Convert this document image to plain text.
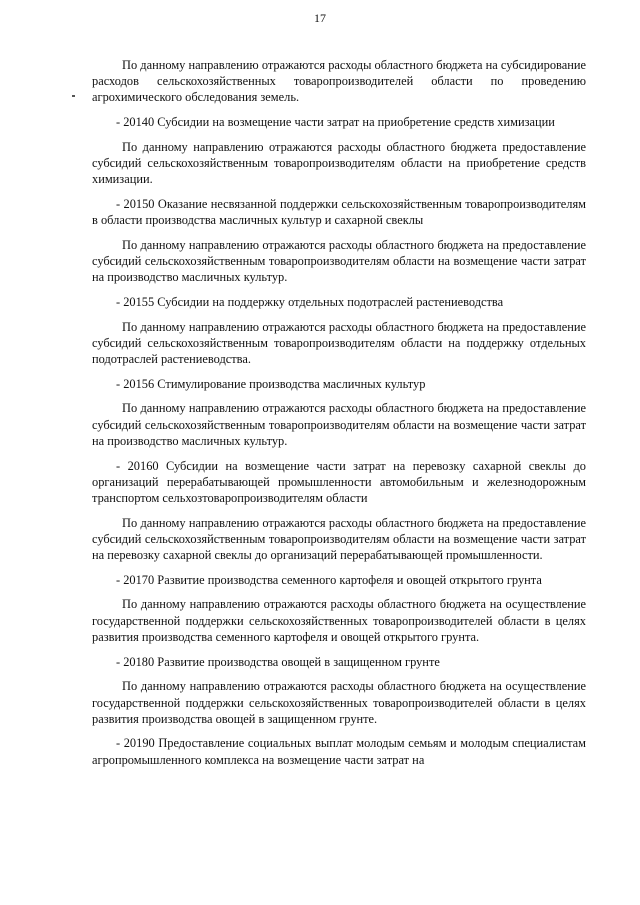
17

По данному направлению отражаются расходы областного бюджета на субсидирование расходов сельскохозяйственных товаропроизводителей области по проведению агрохимического обследования земель.

- 20140 Субсидии на возмещение части затрат на приобретение средств химизации

По данному направлению отражаются расходы областного бюджета предоставление субсидий сельскохозяйственным товаропроизводителям области на приобретение средств химизации.

- 20150 Оказание несвязанной поддержки сельскохозяйственным товаропроизводителям в области производства масличных культур и сахарной свеклы

По данному направлению отражаются расходы областного бюджета на предоставление субсидий сельскохозяйственным товаропроизводителям области на возмещение части затрат на производство масличных культур.

- 20155 Субсидии на поддержку отдельных подотраслей растениеводства

По данному направлению отражаются расходы областного бюджета на предоставление субсидий сельскохозяйственным товаропроизводителям области на поддержку отдельных подотраслей растениеводства.

- 20156 Стимулирование производства масличных культур

По данному направлению отражаются расходы областного бюджета на предоставление субсидий сельскохозяйственным товаропроизводителям области на возмещение части затрат на производство масличных культур.

- 20160 Субсидии на возмещение части затрат на перевозку сахарной свеклы до организаций перерабатывающей промышленности автомобильным и железнодорожным транспортом сельхозтоваропроизводителям области

По данному направлению отражаются расходы областного бюджета на предоставление субсидий сельскохозяйственным товаропроизводителям области на возмещение части затрат на перевозку сахарной свеклы до организаций перерабатывающей промышленности.

- 20170 Развитие производства семенного картофеля и овощей открытого грунта

По данному направлению отражаются расходы областного бюджета на осуществление государственной поддержки сельскохозяйственных товаропроизводителей области в целях развития производства семенного картофеля и овощей открытого грунта.

- 20180 Развитие производства овощей в защищенном грунте

По данному направлению отражаются расходы областного бюджета на осуществление государственной поддержки сельскохозяйственных товаропроизводителей области в целях развития производства овощей в защищенном грунте.

- 20190 Предоставление социальных выплат молодым семьям и молодым специалистам агропромышленного комплекса на возмещение части затрат на
